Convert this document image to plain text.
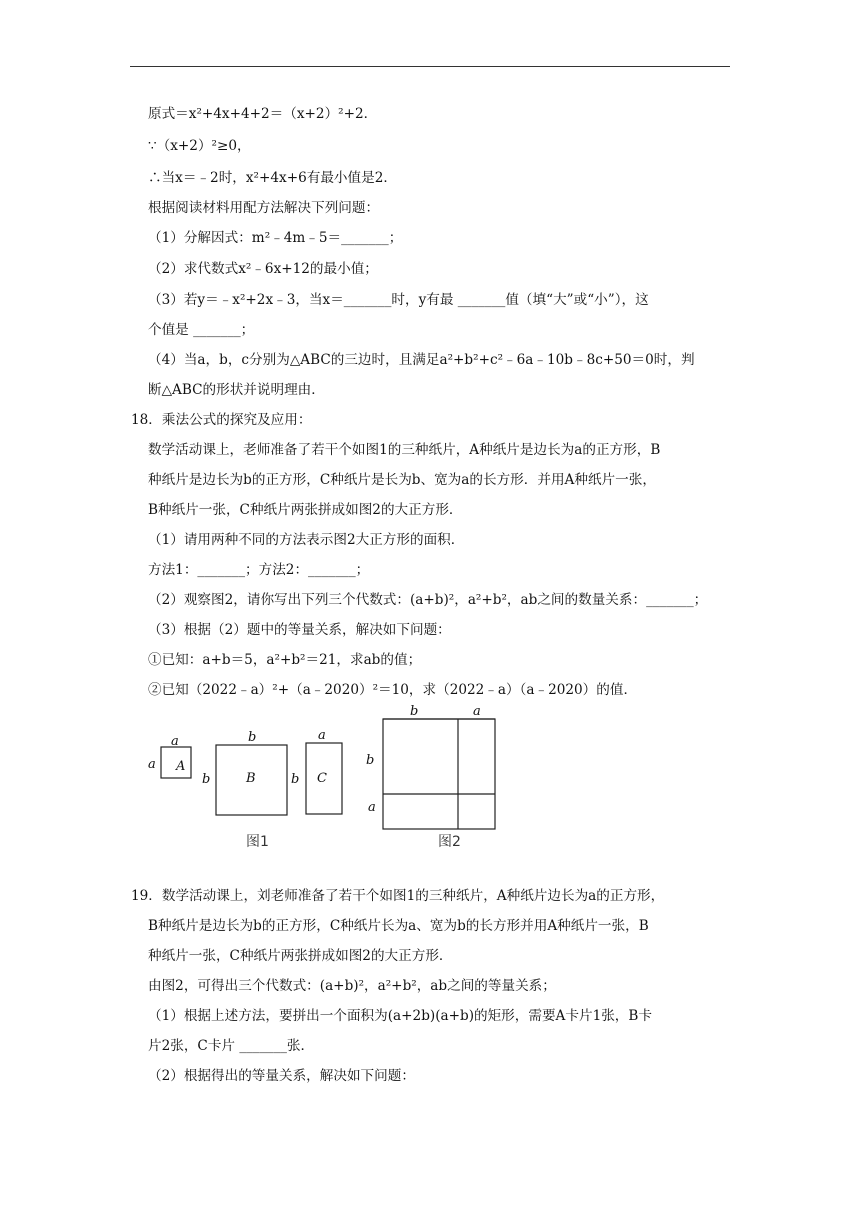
原式＝x²+4x+4+2＝（x+2）²+2．
∵（x+2）²≥0，
∴当x＝﹣2时，x²+4x+6有最小值是2．
根据阅读材料用配方法解决下列问题：
（1）分解因式：m²﹣4m﹣5＝_______；
（2）求代数式x²﹣6x+12的最小值；
（3）若y＝﹣x²+2x﹣3，当x＝_______时，y有最 _______值（填“大”或“小”），这
个值是 _______；
（4）当a，b，c分别为△ABC的三边时，且满足a²+b²+c²﹣6a﹣10b﹣8c+50＝0时，判
断△ABC的形状并说明理由．
18．乘法公式的探究及应用：
数学活动课上，老师准备了若干个如图1的三种纸片，A种纸片是边长为a的正方形，B
种纸片是边长为b的正方形，C种纸片是长为b、宽为a的长方形．并用A种纸片一张，
B种纸片一张，C种纸片两张拼成如图2的大正方形．
（1）请用两种不同的方法表示图2大正方形的面积．
方法1：_______；方法2：_______；
（2）观察图2，请你写出下列三个代数式：(a+b)²，a²+b²，ab之间的数量关系：_______；
（3）根据（2）题中的等量关系，解决如下问题：
①已知：a+b＝5，a²+b²＝21，求ab的值；
②已知（2022﹣a）²+（a﹣2020）²＝10，求（2022﹣a）（a﹣2020）的值．
a
a A
b
b	B
a
b C
图1
b	a
b
a
图2
19．数学活动课上，刘老师准备了若干个如图1的三种纸片，A种纸片边长为a的正方形，
B种纸片是边长为b的正方形，C种纸片长为a、宽为b的长方形并用A种纸片一张，B
种纸片一张，C种纸片两张拼成如图2的大正方形．
由图2，可得出三个代数式：(a+b)²，a²+b²，ab之间的等量关系；
（1）根据上述方法，要拼出一个面积为(a+2b)(a+b)的矩形，需要A卡片1张，B卡
片2张，C卡片 _______张．
（2）根据得出的等量关系，解决如下问题：
